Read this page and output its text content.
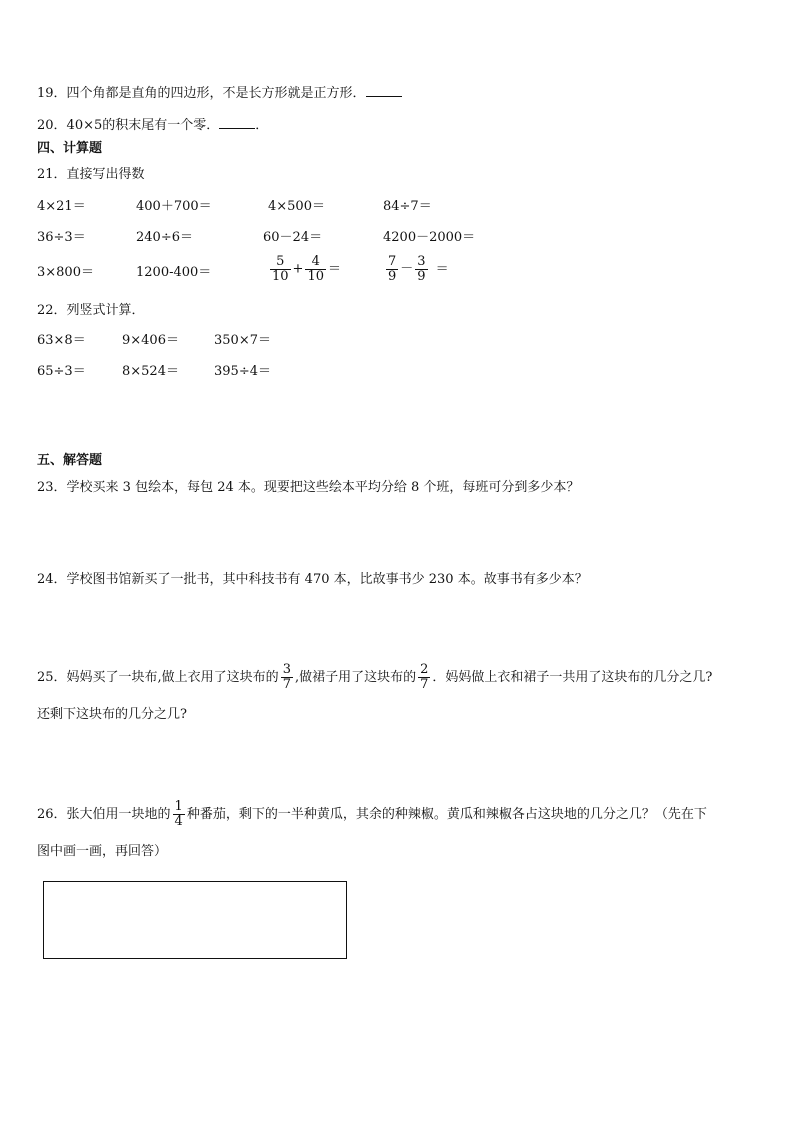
19．四个角都是直角的四边形，不是长方形就是正方形．
20．40×5的积末尾有一个零．	．
四、计算题
21．直接写出得数
4×21＝	400＋700＝	4×500＝	84÷7＝
36÷3＝	240÷6＝	60－24＝	4200－2000＝
3×800＝	1200-400＝	$\frac{5}{10} + \frac{4}{10}$ ＝	$\frac{7}{9} - \frac{3}{9}$ ＝
22．列竖式计算．
63×8＝	9×406＝	350×7＝
65÷3＝	8×524＝	395÷4＝
五、解答题
23．学校买来 3 包绘本，每包 24 本。现要把这些绘本平均分给 8 个班，每班可分到多少本？
24．学校图书馆新买了一批书，其中科技书有 470 本，比故事书少 230 本。故事书有多少本？
25．妈妈买了一块布,做上衣用了这块布的 $\frac{3}{7}$ ,做裙子用了这块布的 $\frac{2}{7}$ ．妈妈做上衣和裙子一共用了这块布的几分之几?
还剩下这块布的几分之几?
26．张大伯用一块地的 $\frac{1}{4}$ 种番茄，剩下的一半种黄瓜，其余的种辣椒。黄瓜和辣椒各占这块地的几分之几？（先在下
图中画一画，再回答）
